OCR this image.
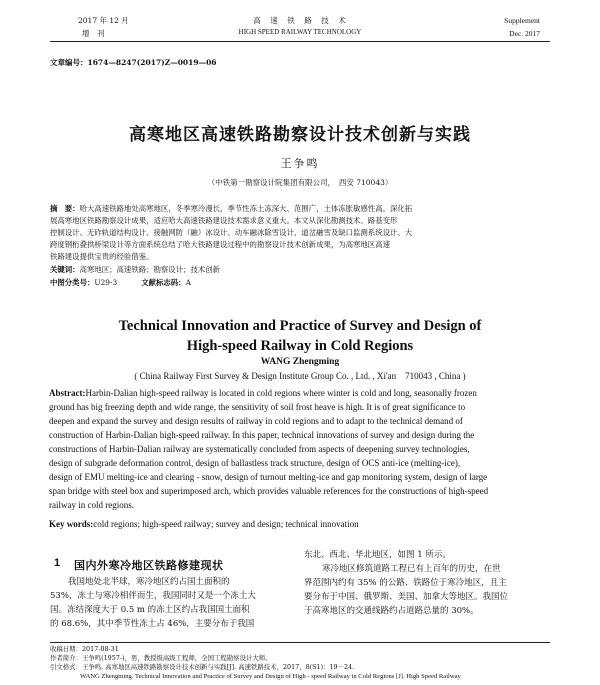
2017 年 12 月
增　刊
高　速　铁　路　技　术
HIGH SPEED RAILWAY TECHNOLOGY
Supplement
Dec. 2017
文章编号：1674—8247(2017)Z—0019—06
高寒地区高速铁路勘察设计技术创新与实践
王争鸣
（中铁第一勘察设计院集团有限公司，　西安 710043）
摘　要：哈大高速铁路地处高寒地区，冬季寒冷漫长，季节性冻土冻深大、范围广，土体冻胀敏感性高。深化拓
展高寒地区铁路勘察设计成果，适应哈大高速铁路建设技术需求意义重大。本文从深化勘测技术、路基变形
控制设计、无砟轨道结构设计、接触网防（融）冰设计、动车融冰除雪设计、道岔融雪及缺口监测系统设计、大
跨度钢桁叠拱桥梁设计等方面系统总结了哈大铁路建设过程中的勘察设计技术创新成果，为高寒地区高速
铁路建设提供宝贵的经验借鉴。
关键词：高寒地区；高速铁路；勘察设计；技术创新
中图分类号：U29-3	文献标志码：A
Technical Innovation and Practice of Survey and Design of
High-speed Railway in Cold Regions
WANG Zhengming
( China Railway First Survey & Design Institute Group Co. , Ltd. , Xi'an　710043 , China )
Abstract:Harbin-Dalian high-speed railway is located in cold regions where winter is cold and long, seasonally frozen
ground has big freezing depth and wide range, the sensitivity of soil frost heave is high. It is of great significance to
deepen and expand the survey and design results of railway in cold regions and to adapt to the technical demand of
construction of Harbin-Dalian high-speed railway. In this paper, technical innovations of survey and design during the
constructions of Harbin-Dalian railway are systematically concluded from aspects of deepening survey technologies,
design of subgrade deformation control, design of ballastless track structure, design of OCS anti-ice (melting-ice),
design of EMU melting-ice and clearing - snow, design of turnout melting-ice and gap monitoring system, design of large
span bridge with steel box and superimposed arch, which provides valuable references for the constructions of high-speed
railway in cold regions.
Key words:cold regions; high-speed railway; survey and design; technical innovation
1 国内外寒冷地区铁路修建现状
我国地处北半球，寒冷地区约占国土面积的
53%，冻土与寒冷相伴而生，我国同时又是一个冻土大
国。冻结深度大于 0.5 m 的冻土区约占我国国土面积
的 68.6%，其中季节性冻土占 46%，主要分布于我国
东北、西北、华北地区，如图 1 所示。
寒冷地区修筑道路工程已有上百年的历史，在世
界范围内约有 35% 的公路、铁路位于寒冷地区，且主
要分布于中国、俄罗斯、美国、加拿大等地区。我国位
于高寒地区的交通线路约占道路总量的 30%。
收稿日期：2017-08-31
作者简介：王争鸣(1957-)，男，教授级高级工程师，全国工程勘察设计大师。
引文格式：王争鸣. 高寒地区高速铁路勘察设计技术创新与实践[J]. 高速铁路技术，2017，8(S1)：19－24.
WANG Zhengming. Technical Innovation and Practice of Survey and Design of High - speed Railway in Cold Regions [J]. High Speed Railway
